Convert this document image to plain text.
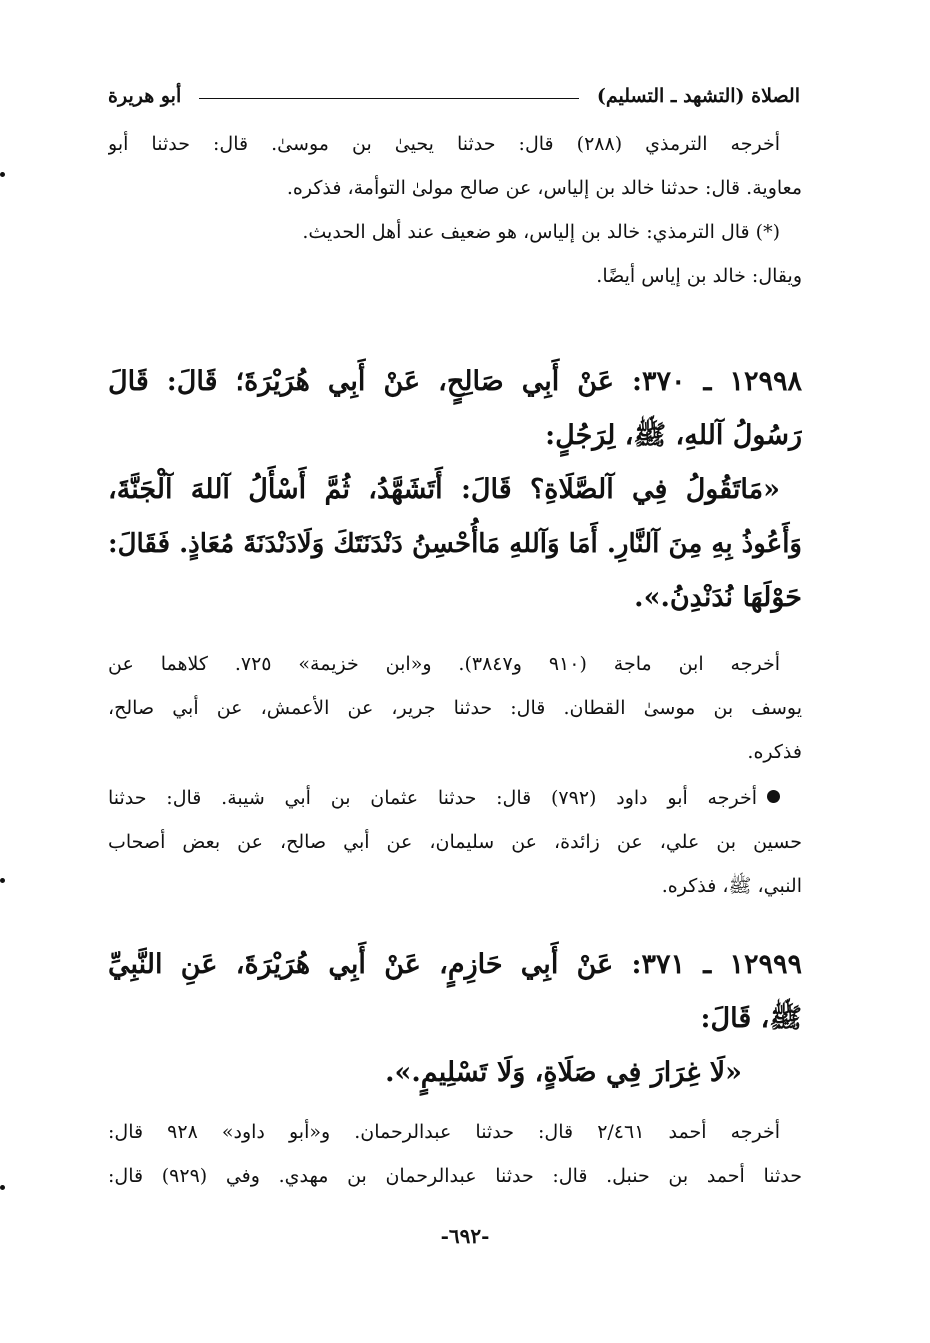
الصلاة (التشهد ـ التسليم)
أبو هريرة
أخرجه الترمذي (٢٨٨) قال: حدثنا يحيىٰ بن موسىٰ. قال: حدثنا أبو
معاوية. قال: حدثنا خالد بن إلياس، عن صالح مولىٰ التوأمة، فذكره.
(*) قال الترمذي: خالد بن إلياس، هو ضعيف عند أهل الحديث.
ويقال: خالد بن إياس أيضًا.
١٢٩٩٨ ـ ٣٧٠: عَنْ أَبِي صَالِحٍ، عَنْ أَبِي هُرَيْرَةَ؛ قَالَ: قَالَ
رَسُولُ آللهِ، ﷺ، لِرَجُلٍ:
«مَاتَقُولُ فِي آلصَّلَاةِ؟ قَالَ: أَتَشَهَّدُ، ثُمَّ أَسْأَلُ آللهَ آلْجَنَّةَ،
وَأَعُوذُ بِهِ مِنَ آلنَّارِ. أَمَا وَآللهِ مَاأُحْسِنُ دَنْدَنَتَكَ وَلَادَنْدَنَةَ مُعَاذٍ. فَقَالَ:
حَوْلَهَا نُدَنْدِنُ.».
أخرجه ابن ماجة (٩١٠ و٣٨٤٧). و«ابن خزيمة» ٧٢٥. كلاهما عن
يوسف بن موسىٰ القطان. قال: حدثنا جرير، عن الأعمش، عن أبي صالح،
فذكره.
أخرجه أبو داود (٧٩٢) قال: حدثنا عثمان بن أبي شيبة. قال: حدثنا
حسين بن علي، عن زائدة، عن سليمان، عن أبي صالح، عن بعض أصحاب
النبي، ﷺ، فذكره.
١٢٩٩٩ ـ ٣٧١: عَنْ أَبِي حَازِمٍ، عَنْ أَبِي هُرَيْرَةَ، عَنِ النَّبِيِّ
ﷺ، قَالَ:
«لَا غِرَارَ فِي صَلَاةٍ، وَلَا تَسْلِيمٍ.».
أخرجه أحمد ٢/٤٦١ قال: حدثنا عبدالرحمان. و«أبو داود» ٩٢٨ قال:
حدثنا أحمد بن حنبل. قال: حدثنا عبدالرحمان بن مهدي. وفي (٩٢٩) قال:
-٦٩٢-
